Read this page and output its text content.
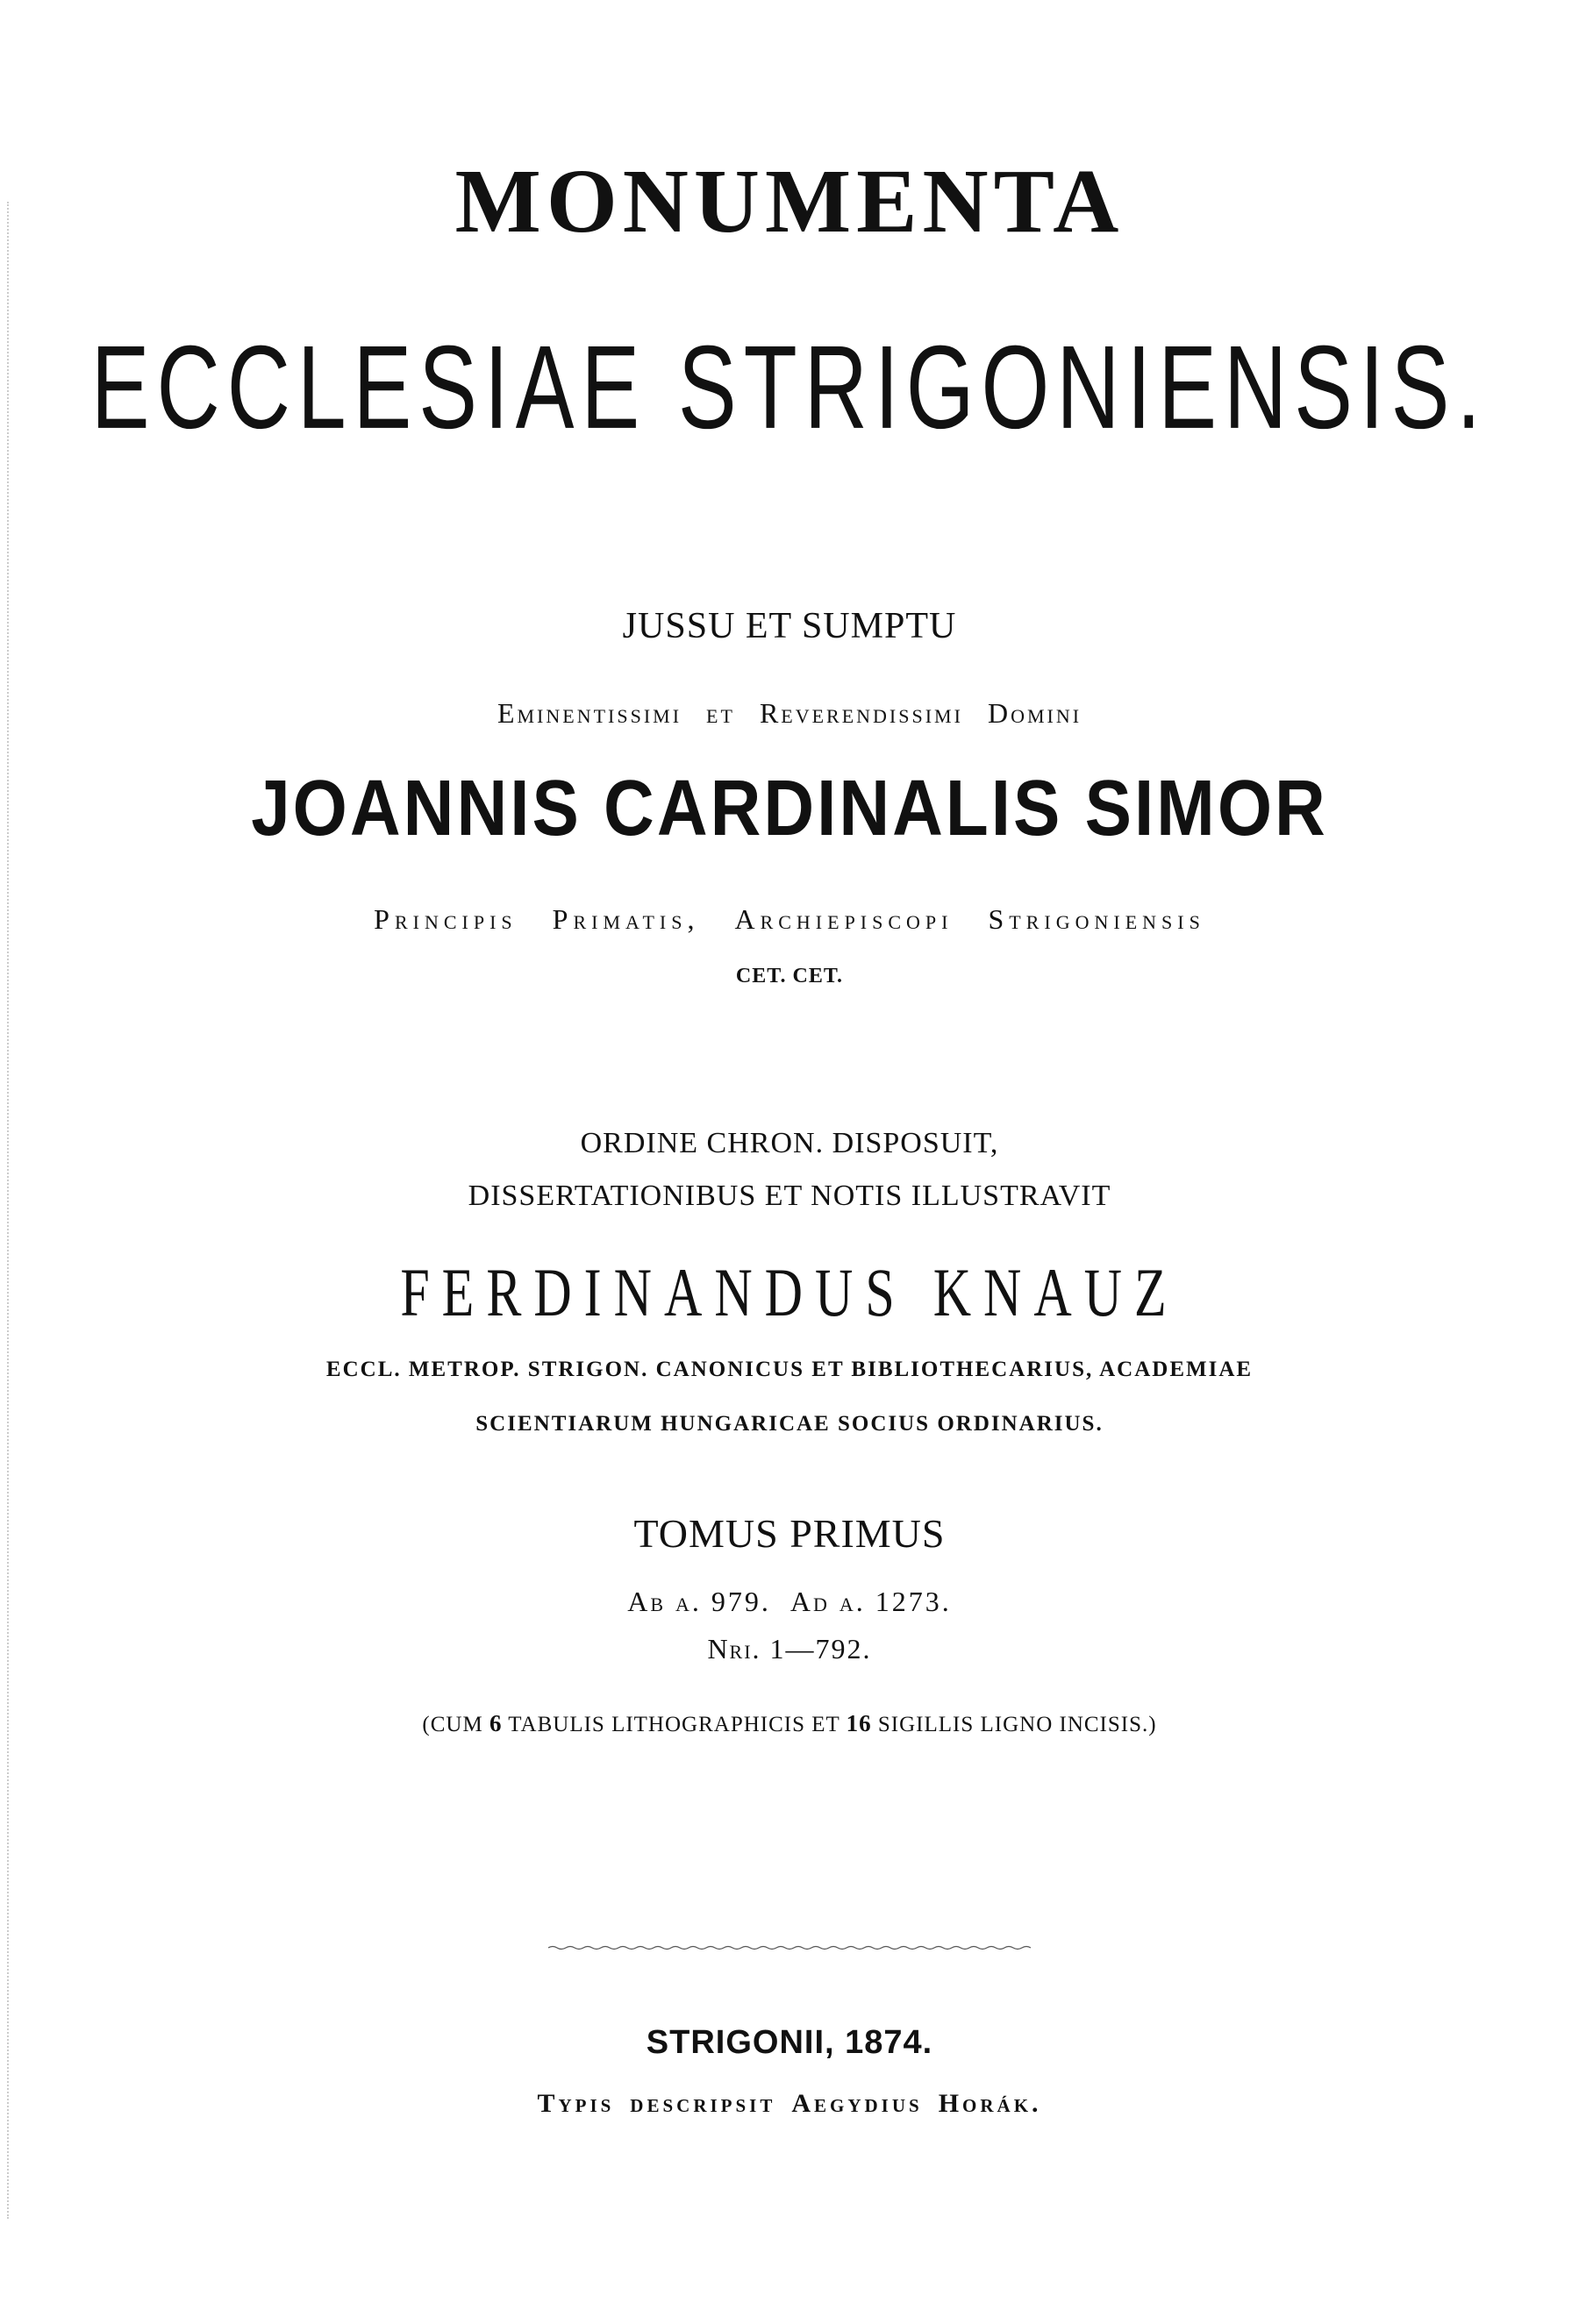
MONUMENTA
ECCLESIAE STRIGONIENSIS.
JUSSU ET SUMPTU
Eminentissimi et Reverendissimi Domini
JOANNIS CARDINALIS SIMOR
Principis Primatis, Archiepiscopi Strigoniensis
CET. CET.
ORDINE CHRON. DISPOSUIT,
DISSERTATIONIBUS ET NOTIS ILLUSTRAVIT
FERDINANDUS KNAUZ
ECCL. METROP. STRIGON. CANONICUS ET BIBLIOTHECARIUS, ACADEMIAE
SCIENTIARUM HUNGARICAE SOCIUS ORDINARIUS.
TOMUS PRIMUS
Ab a. 979. Ad a. 1273.
Nri. 1—792.
(CUM 6 TABULIS LITHOGRAPHICIS ET 16 SIGILLIS LIGNO INCISIS.)
STRIGONII, 1874.
Typis descripsit Aegydius Horák.
